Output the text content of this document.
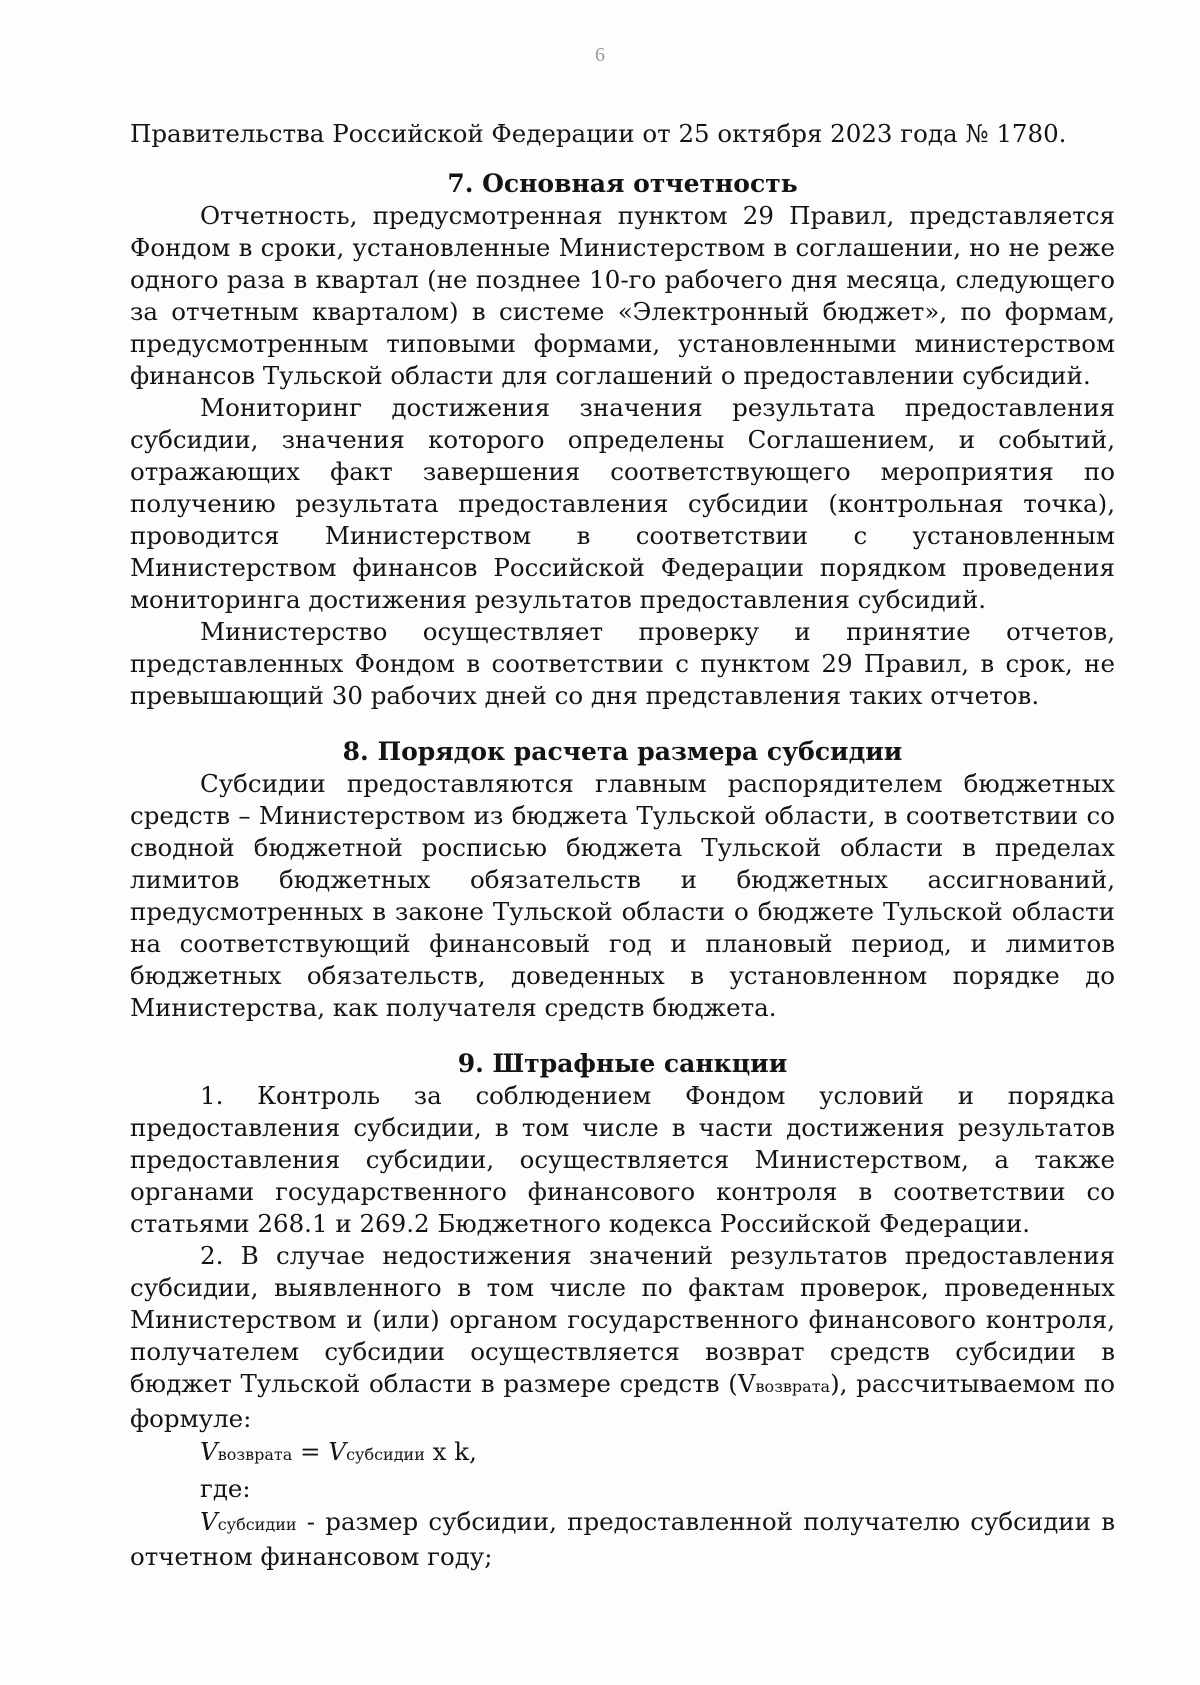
6

Правительства Российской Федерации от 25 октября 2023 года № 1780.

7. Основная отчетность

Отчетность, предусмотренная пунктом 29 Правил, представляется Фондом в сроки, установленные Министерством в соглашении, но не реже одного раза в квартал (не позднее 10-го рабочего дня месяца, следующего за отчетным кварталом) в системе «Электронный бюджет», по формам, предусмотренным типовыми формами, установленными министерством финансов Тульской области для соглашений о предоставлении субсидий.

Мониторинг достижения значения результата предоставления субсидии, значения которого определены Соглашением, и событий, отражающих факт завершения соответствующего мероприятия по получению результата предоставления субсидии (контрольная точка), проводится Министерством в соответствии с установленным Министерством финансов Российской Федерации порядком проведения мониторинга достижения результатов предоставления субсидий.

Министерство осуществляет проверку и принятие отчетов, представленных Фондом в соответствии с пунктом 29 Правил, в срок, не превышающий 30 рабочих дней со дня представления таких отчетов.

8. Порядок расчета размера субсидии

Субсидии предоставляются главным распорядителем бюджетных средств – Министерством из бюджета Тульской области, в соответствии со сводной бюджетной росписью бюджета Тульской области в пределах лимитов бюджетных обязательств и бюджетных ассигнований, предусмотренных в законе Тульской области о бюджете Тульской области на соответствующий финансовый год и плановый период, и лимитов бюджетных обязательств, доведенных в установленном порядке до Министерства, как получателя средств бюджета.

9. Штрафные санкции

1. Контроль за соблюдением Фондом условий и порядка предоставления субсидии, в том числе в части достижения результатов предоставления субсидии, осуществляется Министерством, а также органами государственного финансового контроля в соответствии со статьями 268.1 и 269.2 Бюджетного кодекса Российской Федерации.

2. В случае недостижения значений результатов предоставления субсидии, выявленного в том числе по фактам проверок, проведенных Министерством и (или) органом государственного финансового контроля, получателем субсидии осуществляется возврат средств субсидии в бюджет Тульской области в размере средств (Vвозврата), рассчитываемом по формуле:

Vвозврата = Vсубсидии x k,

где:

Vсубсидии - размер субсидии, предоставленной получателю субсидии в отчетном финансовом году;
